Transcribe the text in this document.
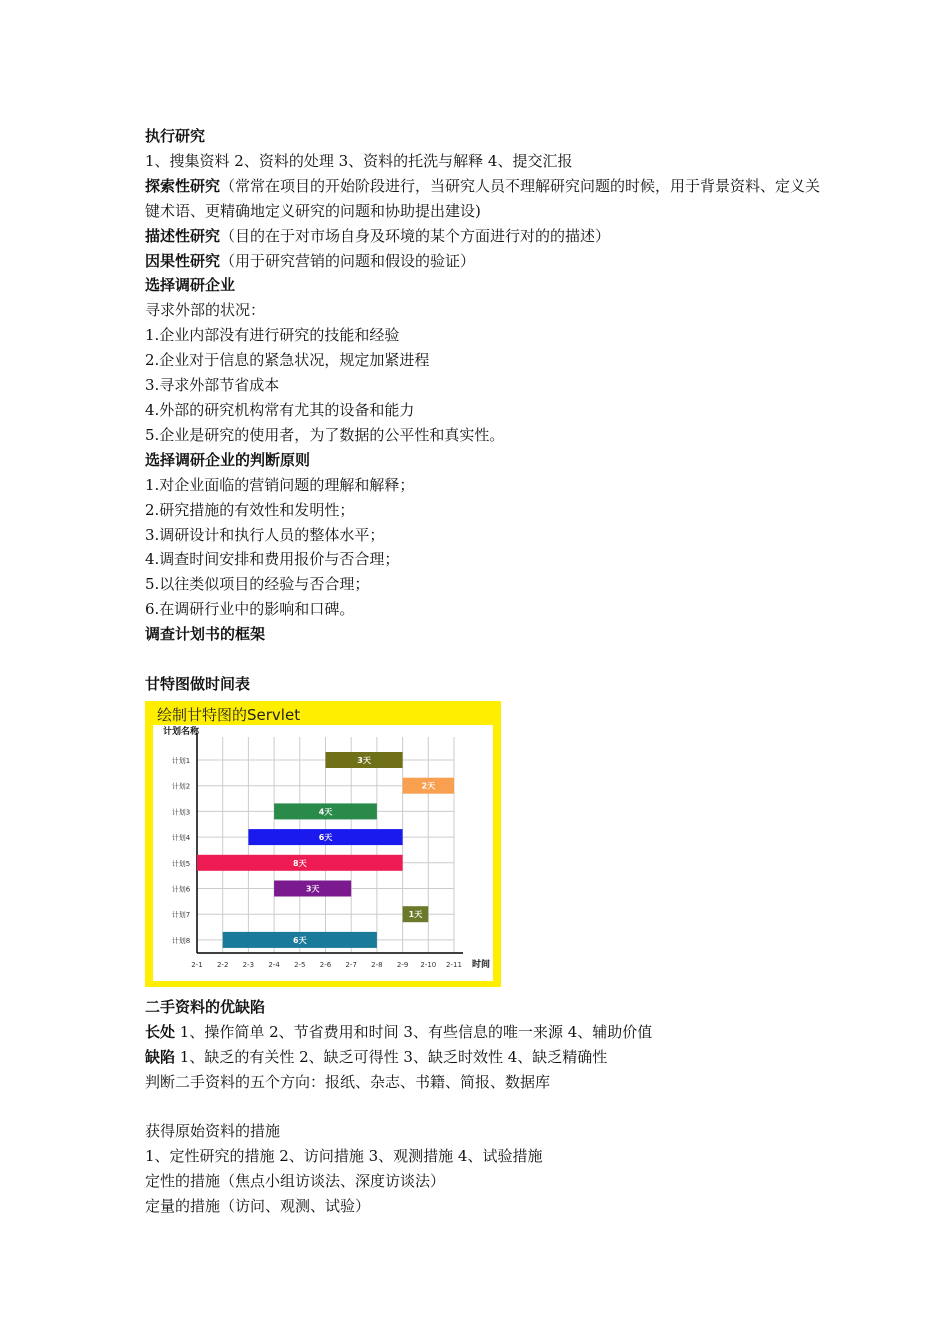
执行研究
1、搜集资料 2、资料的处理 3、资料的托洗与解释 4、提交汇报
探索性研究（常常在项目的开始阶段进行，当研究人员不理解研究问题的时候，用于背景资料、定义关键术语、更精确地定义研究的问题和协助提出建设)
描述性研究（目的在于对市场自身及环境的某个方面进行对的的描述）
因果性研究（用于研究营销的问题和假设的验证）
选择调研企业
寻求外部的状况：
1.企业内部没有进行研究的技能和经验
2.企业对于信息的紧急状况，规定加紧进程
3.寻求外部节省成本
4.外部的研究机构常有尤其的设备和能力
5.企业是研究的使用者，为了数据的公平性和真实性。
选择调研企业的判断原则
1.对企业面临的营销问题的理解和解释；
2.研究措施的有效性和发明性；
3.调研设计和执行人员的整体水平；
4.调查时间安排和费用报价与否合理；
5.以往类似项目的经验与否合理；
6.在调研行业中的影响和口碑。
调查计划书的框架
甘特图做时间表
绘制甘特图的Servlet
计划名称
2-1 2-2 2-3 2-4 2-5 2-6 2-7 2-8 2-9 2-10 2-11 时间
计划1	3天
计划2	2天
计划3	4天
计划4	6天
计划5	8天
计划6	3天
计划7	1天
计划8	6天
二手资料的优缺陷
长处 1、操作简单 2、节省费用和时间 3、有些信息的唯一来源 4、辅助价值
缺陷 1、缺乏的有关性 2、缺乏可得性 3、缺乏时效性 4、缺乏精确性
判断二手资料的五个方向：报纸、杂志、书籍、简报、数据库
获得原始资料的措施
1、定性研究的措施 2、访问措施 3、观测措施 4、试验措施
定性的措施（焦点小组访谈法、深度访谈法）
定量的措施（访问、观测、试验）
